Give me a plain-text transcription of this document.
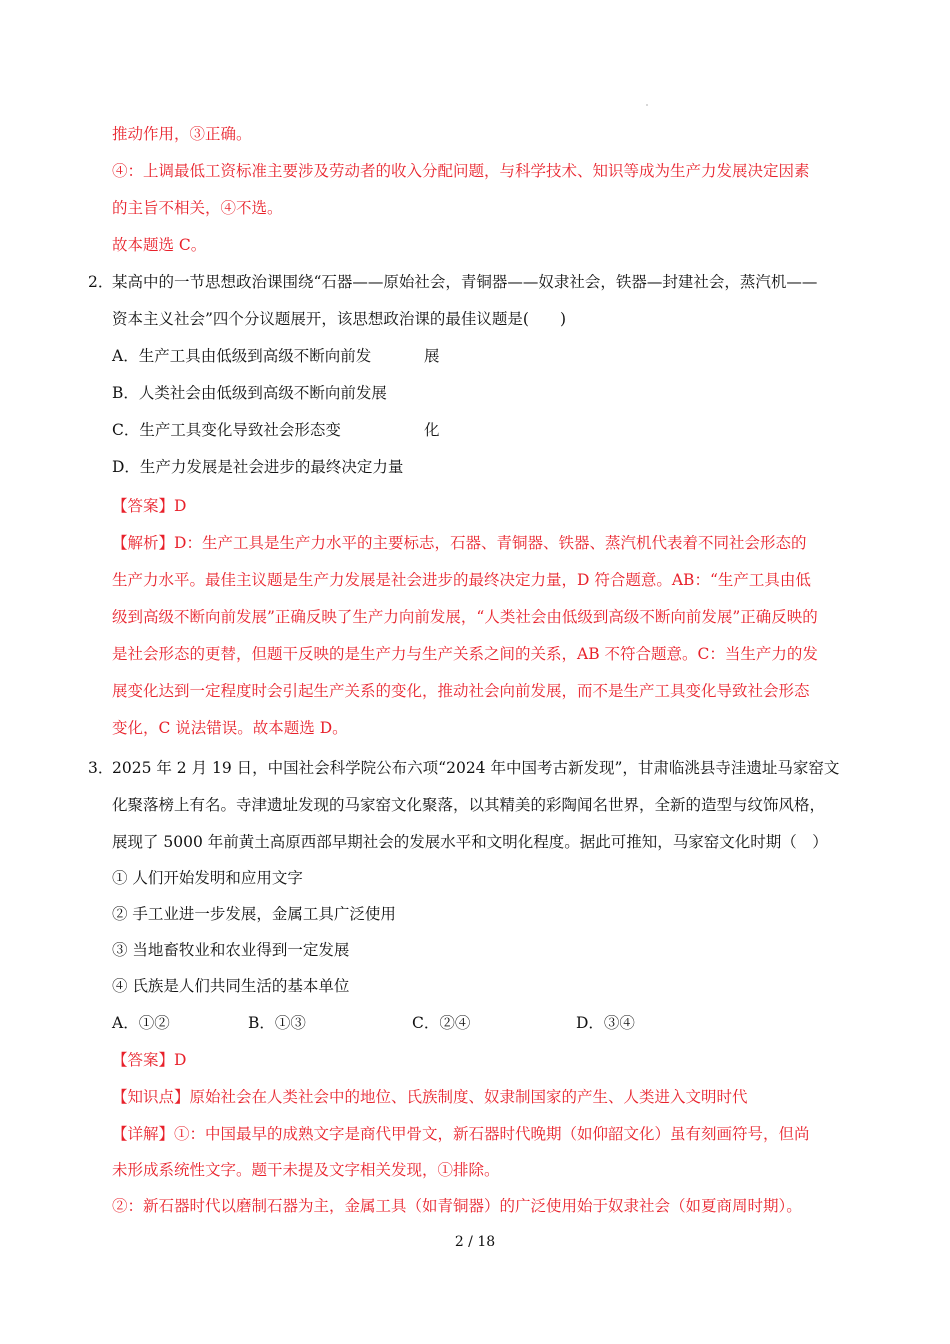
推动作用，③正确。
④：上调最低工资标准主要涉及劳动者的收入分配问题，与科学技术、知识等成为生产力发展决定因素
的主旨不相关，④不选。
故本题选 C。
2．
某高中的一节思想政治课围绕“石器——原始社会，青铜器——奴隶社会，铁器—封建社会，蒸汽机——
资本主义社会”四个分议题展开，该思想政治课的最佳议题是(　　)
A．生产工具由低级到高级不断向前发	展
B．人类社会由低级到高级不断向前发展
C．生产工具变化导致社会形态变	化
D．生产力发展是社会进步的最终决定力量
【答案】D
【解析】D：生产工具是生产力水平的主要标志，石器、青铜器、铁器、蒸汽机代表着不同社会形态的
生产力水平。最佳主议题是生产力发展是社会进步的最终决定力量，D 符合题意。AB：“生产工具由低
级到高级不断向前发展”正确反映了生产力向前发展，“人类社会由低级到高级不断向前发展”正确反映的
是社会形态的更替，但题干反映的是生产力与生产关系之间的关系，AB 不符合题意。C：当生产力的发
展变化达到一定程度时会引起生产关系的变化，推动社会向前发展，而不是生产工具变化导致社会形态
变化，C 说法错误。故本题选 D。
3．
2025 年 2 月 19 日，中国社会科学院公布六项“2024 年中国考古新发现”，甘肃临洮县寺洼遗址马家窑文
化聚落榜上有名。寺津遗址发现的马家窑文化聚落，以其精美的彩陶闻名世界，全新的造型与纹饰风格，
展现了 5000 年前黄土高原西部早期社会的发展水平和文明化程度。据此可推知，马家窑文化时期（　）
① 人们开始发明和应用文字
② 手工业进一步发展，金属工具广泛使用
③ 当地畜牧业和农业得到一定发展
④ 氏族是人们共同生活的基本单位
A．①②	B．①③	C．②④	D．③④
【答案】D
【知识点】原始社会在人类社会中的地位、氏族制度、奴隶制国家的产生、人类进入文明时代
【详解】①：中国最早的成熟文字是商代甲骨文，新石器时代晚期（如仰韶文化）虽有刻画符号，但尚
未形成系统性文字。题干未提及文字相关发现，①排除。
②：新石器时代以磨制石器为主，金属工具（如青铜器）的广泛使用始于奴隶社会（如夏商周时期）。
2 / 18
